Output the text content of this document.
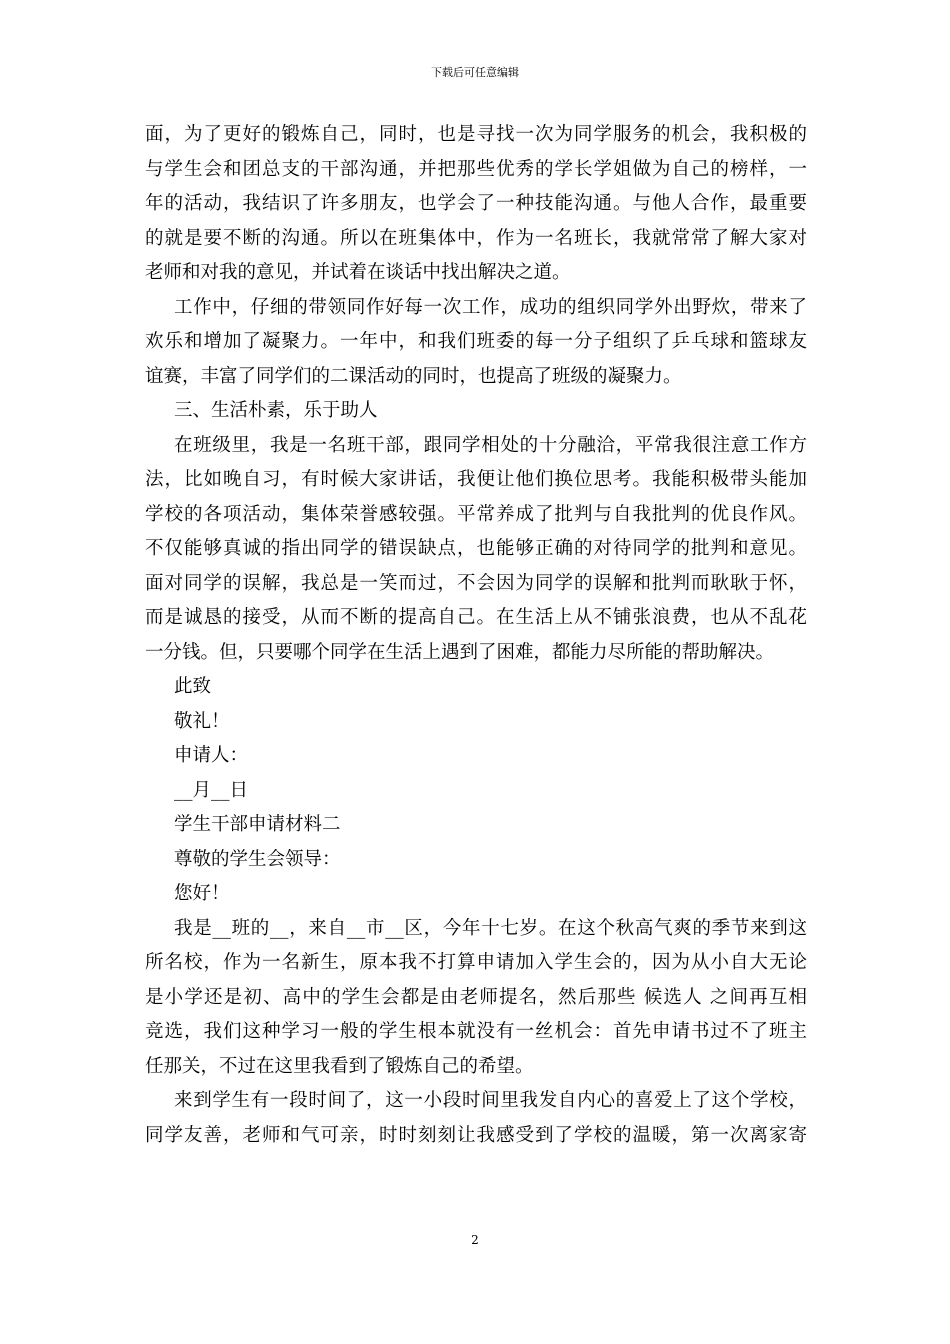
下载后可任意编辑
面，为了更好的锻炼自己，同时，也是寻找一次为同学服务的机会，我积极的
与学生会和团总支的干部沟通，并把那些优秀的学长学姐做为自己的榜样，一
年的活动，我结识了许多朋友，也学会了一种技能沟通。与他人合作，最重要
的就是要不断的沟通。所以在班集体中，作为一名班长，我就常常了解大家对
老师和对我的意见，并试着在谈话中找出解决之道。
工作中，仔细的带领同作好每一次工作，成功的组织同学外出野炊，带来了
欢乐和增加了凝聚力。一年中，和我们班委的每一分子组织了乒乓球和篮球友
谊赛，丰富了同学们的二课活动的同时，也提高了班级的凝聚力。
三、生活朴素，乐于助人
在班级里，我是一名班干部，跟同学相处的十分融洽，平常我很注意工作方
法，比如晚自习，有时候大家讲话，我便让他们换位思考。我能积极带头能加
学校的各项活动，集体荣誉感较强。平常养成了批判与自我批判的优良作风。
不仅能够真诚的指出同学的错误缺点，也能够正确的对待同学的批判和意见。
面对同学的误解，我总是一笑而过，不会因为同学的误解和批判而耿耿于怀，
而是诚恳的接受，从而不断的提高自己。在生活上从不铺张浪费，也从不乱花
一分钱。但，只要哪个同学在生活上遇到了困难，都能力尽所能的帮助解决。
此致
敬礼！
申请人：
__月__日
学生干部申请材料二
尊敬的学生会领导：
您好！
我是__班的__，来自__市__区，今年十七岁。在这个秋高气爽的季节来到这
所名校，作为一名新生，原本我不打算申请加入学生会的，因为从小自大无论
是小学还是初、高中的学生会都是由老师提名，然后那些 候选人 之间再互相
竞选，我们这种学习一般的学生根本就没有一丝机会：首先申请书过不了班主
任那关，不过在这里我看到了锻炼自己的希望。
来到学生有一段时间了，这一小段时间里我发自内心的喜爱上了这个学校，
同学友善，老师和气可亲，时时刻刻让我感受到了学校的温暖，第一次离家寄
2
